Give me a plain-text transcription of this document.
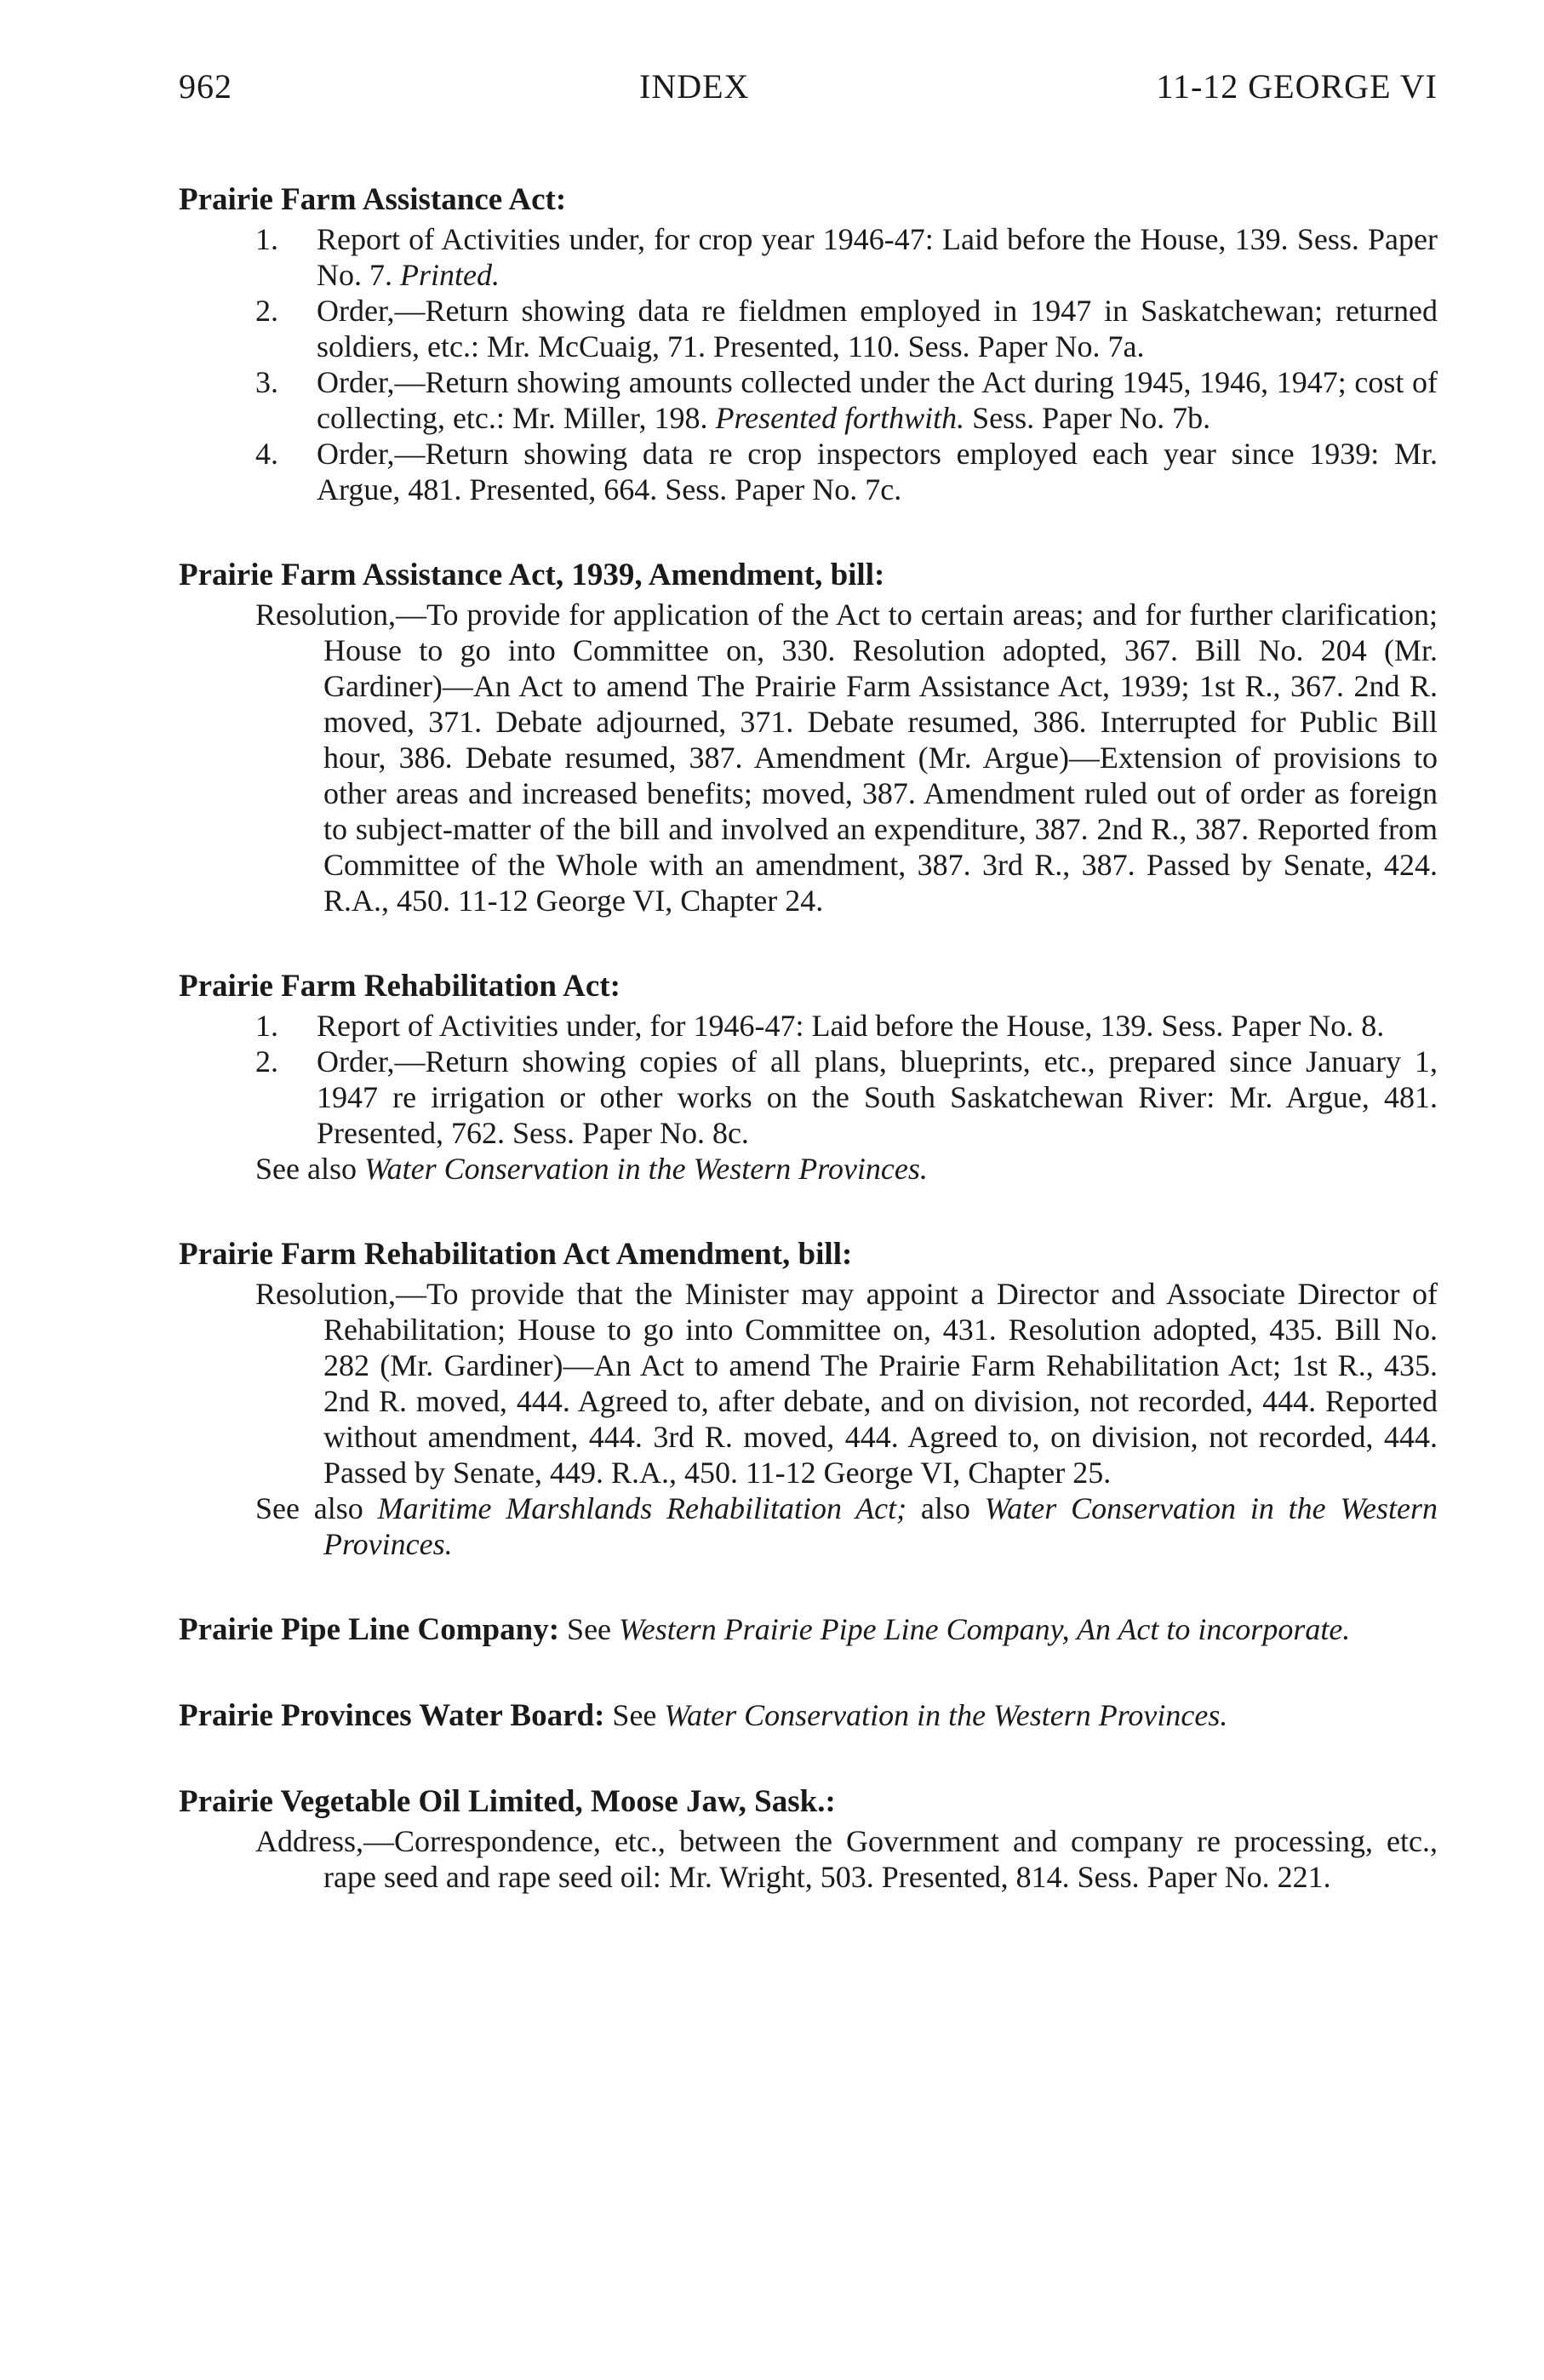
962	INDEX	11-12 GEORGE VI

Prairie Farm Assistance Act:

1.	Report of Activities under, for crop year 1946-47: Laid before the House, 139. Sess. Paper No. 7. Printed.
2.	Order,—Return showing data re fieldmen employed in 1947 in Saskatchewan; returned soldiers, etc.: Mr. McCuaig, 71. Presented, 110. Sess. Paper No. 7a.
3.	Order,—Return showing amounts collected under the Act during 1945, 1946, 1947; cost of collecting, etc.: Mr. Miller, 198. Presented forthwith. Sess. Paper No. 7b.
4.	Order,—Return showing data re crop inspectors employed each year since 1939: Mr. Argue, 481. Presented, 664. Sess. Paper No. 7c.

Prairie Farm Assistance Act, 1939, Amendment, bill:

Resolution,—To provide for application of the Act to certain areas; and for further clarification; House to go into Committee on, 330. Resolution adopted, 367. Bill No. 204 (Mr. Gardiner)—An Act to amend The Prairie Farm Assistance Act, 1939; 1st R., 367. 2nd R. moved, 371. Debate adjourned, 371. Debate resumed, 386. Interrupted for Public Bill hour, 386. Debate resumed, 387. Amendment (Mr. Argue)—Extension of provisions to other areas and increased benefits; moved, 387. Amendment ruled out of order as foreign to subject-matter of the bill and involved an expenditure, 387. 2nd R., 387. Reported from Committee of the Whole with an amendment, 387. 3rd R., 387. Passed by Senate, 424. R.A., 450. 11-12 George VI, Chapter 24.

Prairie Farm Rehabilitation Act:

1.	Report of Activities under, for 1946-47: Laid before the House, 139. Sess. Paper No. 8.
2.	Order,—Return showing copies of all plans, blueprints, etc., prepared since January 1, 1947 re irrigation or other works on the South Saskatchewan River: Mr. Argue, 481. Presented, 762. Sess. Paper No. 8c.

See also Water Conservation in the Western Provinces.

Prairie Farm Rehabilitation Act Amendment, bill:

Resolution,—To provide that the Minister may appoint a Director and Associate Director of Rehabilitation; House to go into Committee on, 431. Resolution adopted, 435. Bill No. 282 (Mr. Gardiner)—An Act to amend The Prairie Farm Rehabilitation Act; 1st R., 435. 2nd R. moved, 444. Agreed to, after debate, and on division, not recorded, 444. Reported without amendment, 444. 3rd R. moved, 444. Agreed to, on division, not recorded, 444. Passed by Senate, 449. R.A., 450. 11-12 George VI, Chapter 25.

See also Maritime Marshlands Rehabilitation Act; also Water Conservation in the Western Provinces.

Prairie Pipe Line Company: See Western Prairie Pipe Line Company, An Act to incorporate.

Prairie Provinces Water Board: See Water Conservation in the Western Provinces.

Prairie Vegetable Oil Limited, Moose Jaw, Sask.:

Address,—Correspondence, etc., between the Government and company re processing, etc., rape seed and rape seed oil: Mr. Wright, 503. Presented, 814. Sess. Paper No. 221.
